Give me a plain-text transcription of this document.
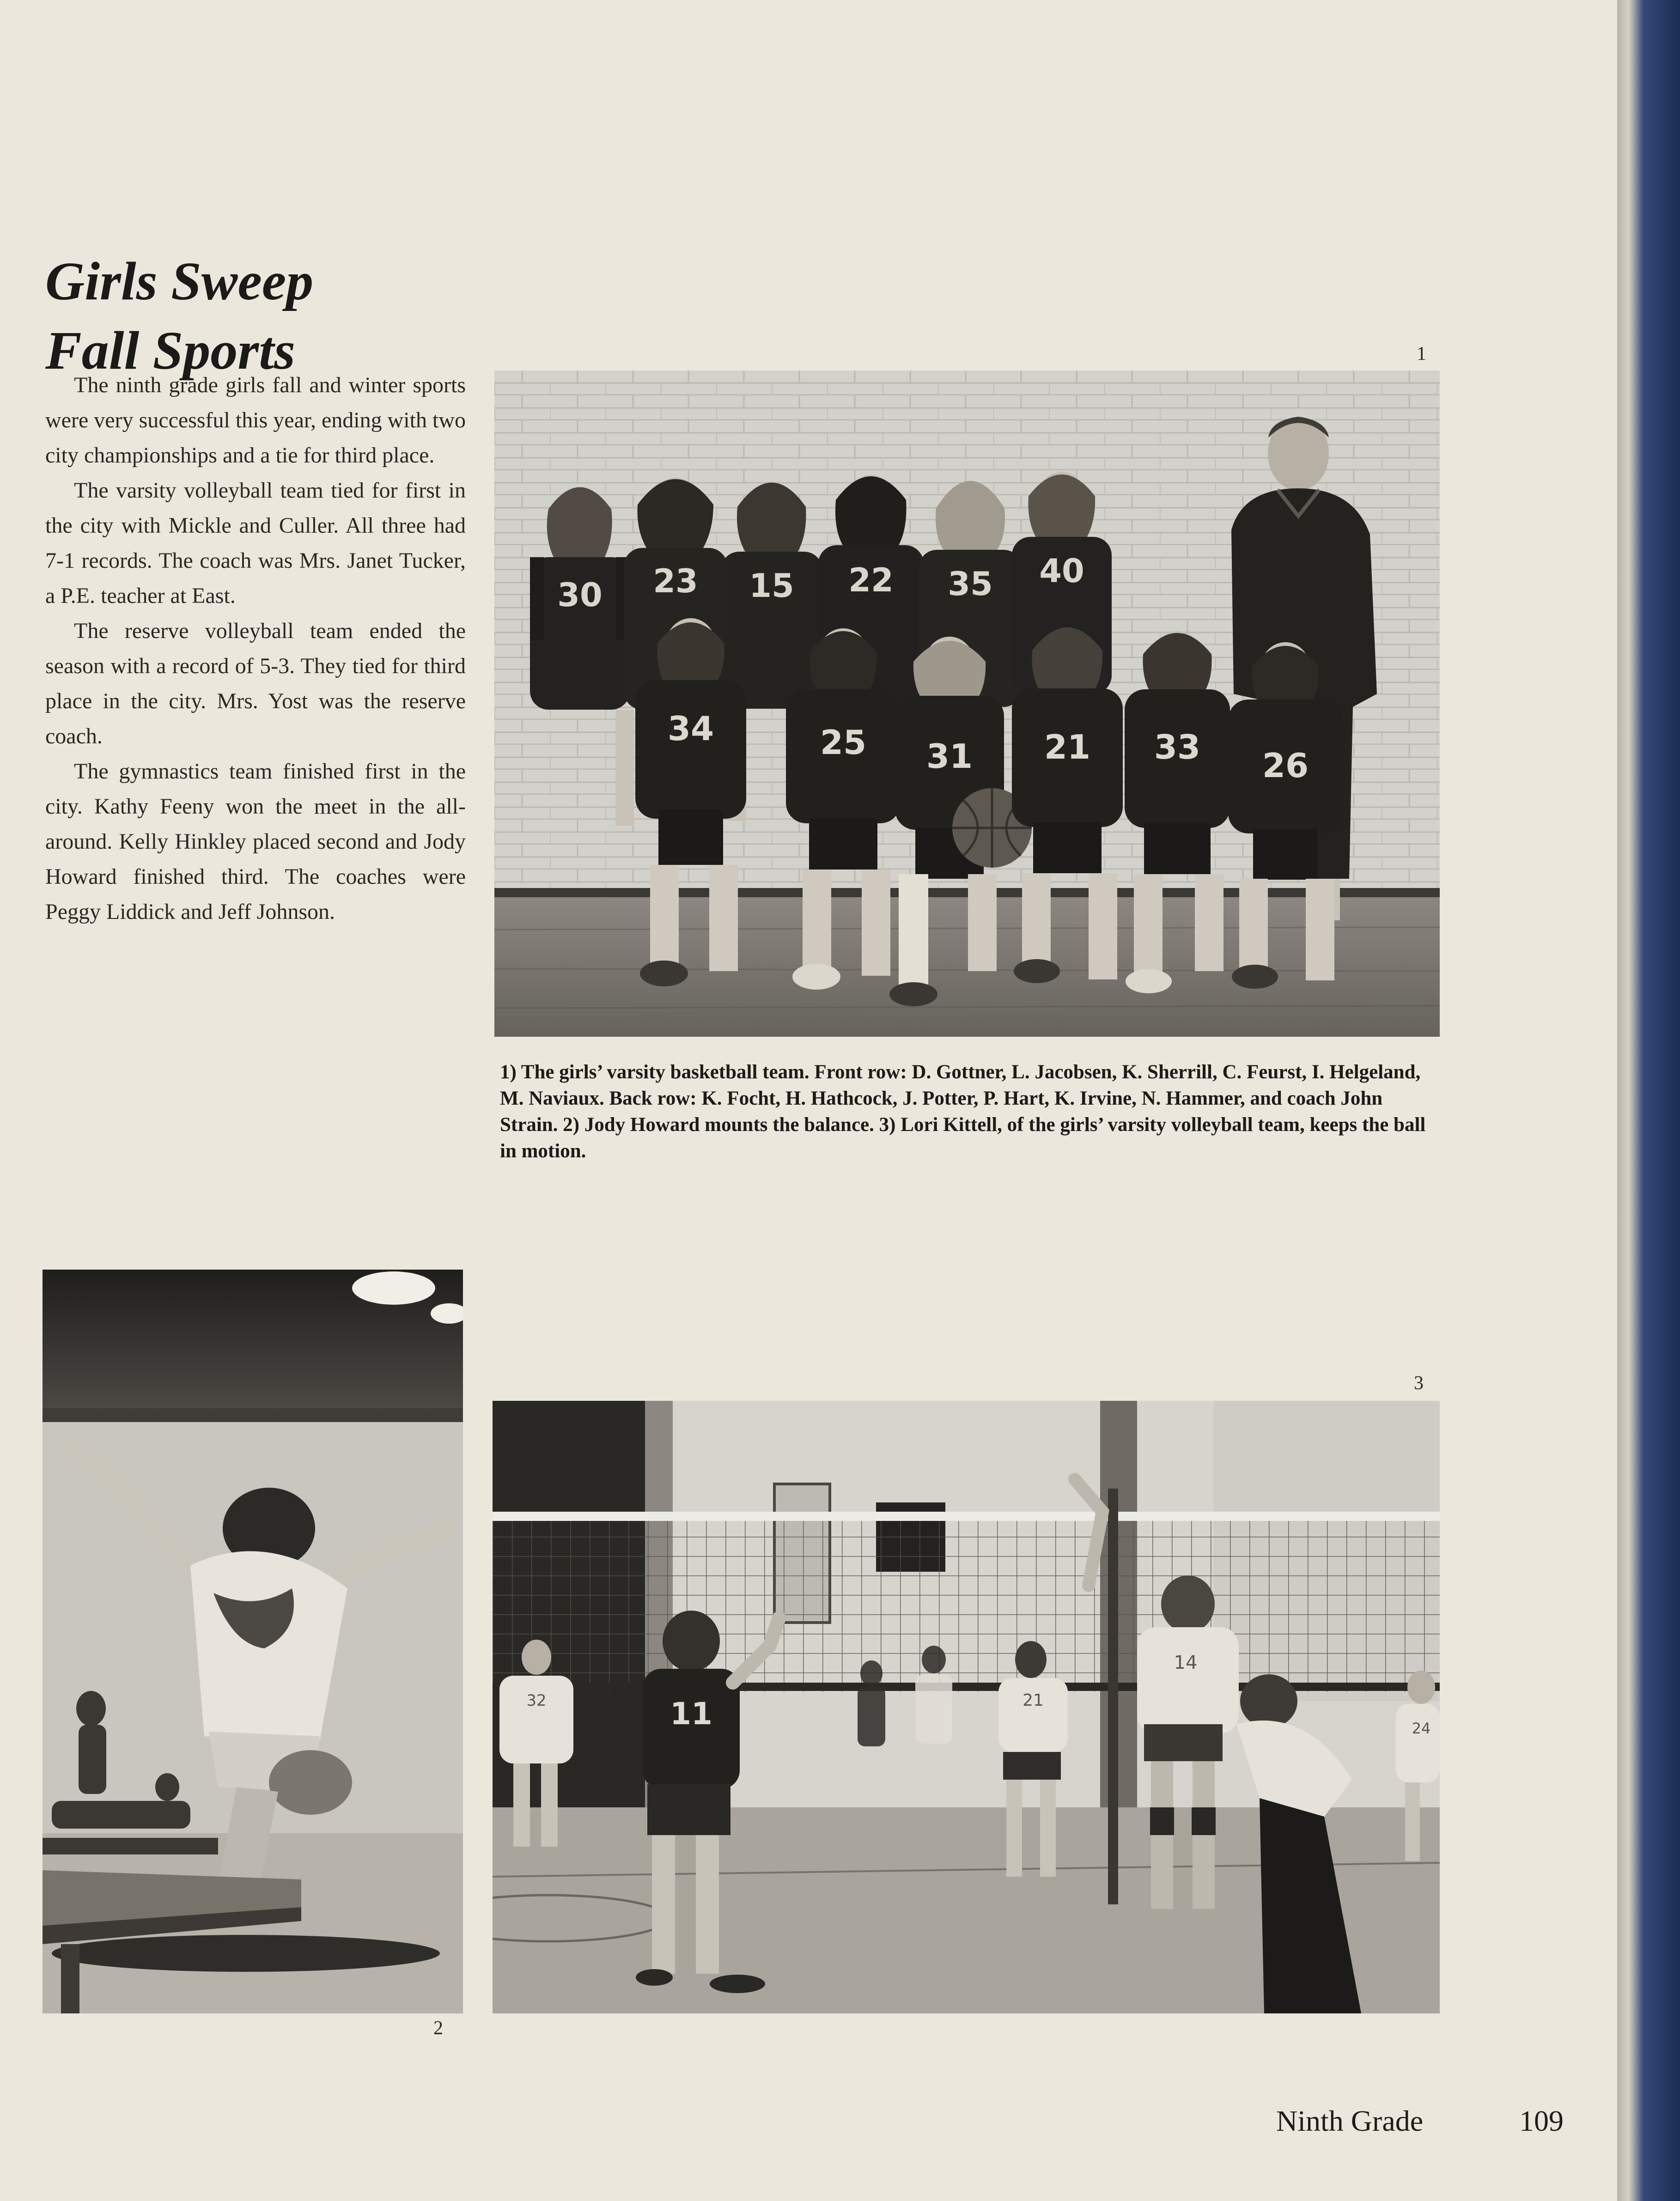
Girls Sweep
Fall Sports

The ninth grade girls fall and winter sports were very successful this year, ending with two city championships and a tie for third place.

The varsity volleyball team tied for first in the city with Mickle and Culler. All three had 7-1 records. The coach was Mrs. Janet Tucker, a P.E. teacher at East.

The reserve volleyball team ended the season with a record of 5-3. They tied for third place in the city. Mrs. Yost was the reserve coach.

The gymnastics team finished first in the city. Kathy Feeny won the meet in the all-around. Kelly Hinkley placed second and Jody Howard finished third. The coaches were Peggy Liddick and Jeff Johnson.

1
30 23 15 22 35 40
34	25 31 21 33 26
1) The girls’ varsity basketball team. Front row: D. Gottner, L. Jacobsen, K. Sherrill, C. Feurst, I. Helgeland, M. Naviaux. Back row: K. Focht, H. Hathcock, J. Potter, P. Hart, K. Irvine, N. Hammer, and coach John Strain. 2) Jody Howard mounts the balance. 3) Lori Kittell, of the girls’ varsity volleyball team, keeps the ball in motion.
2
3
32	11	21
14
24
Ninth Grade	109
